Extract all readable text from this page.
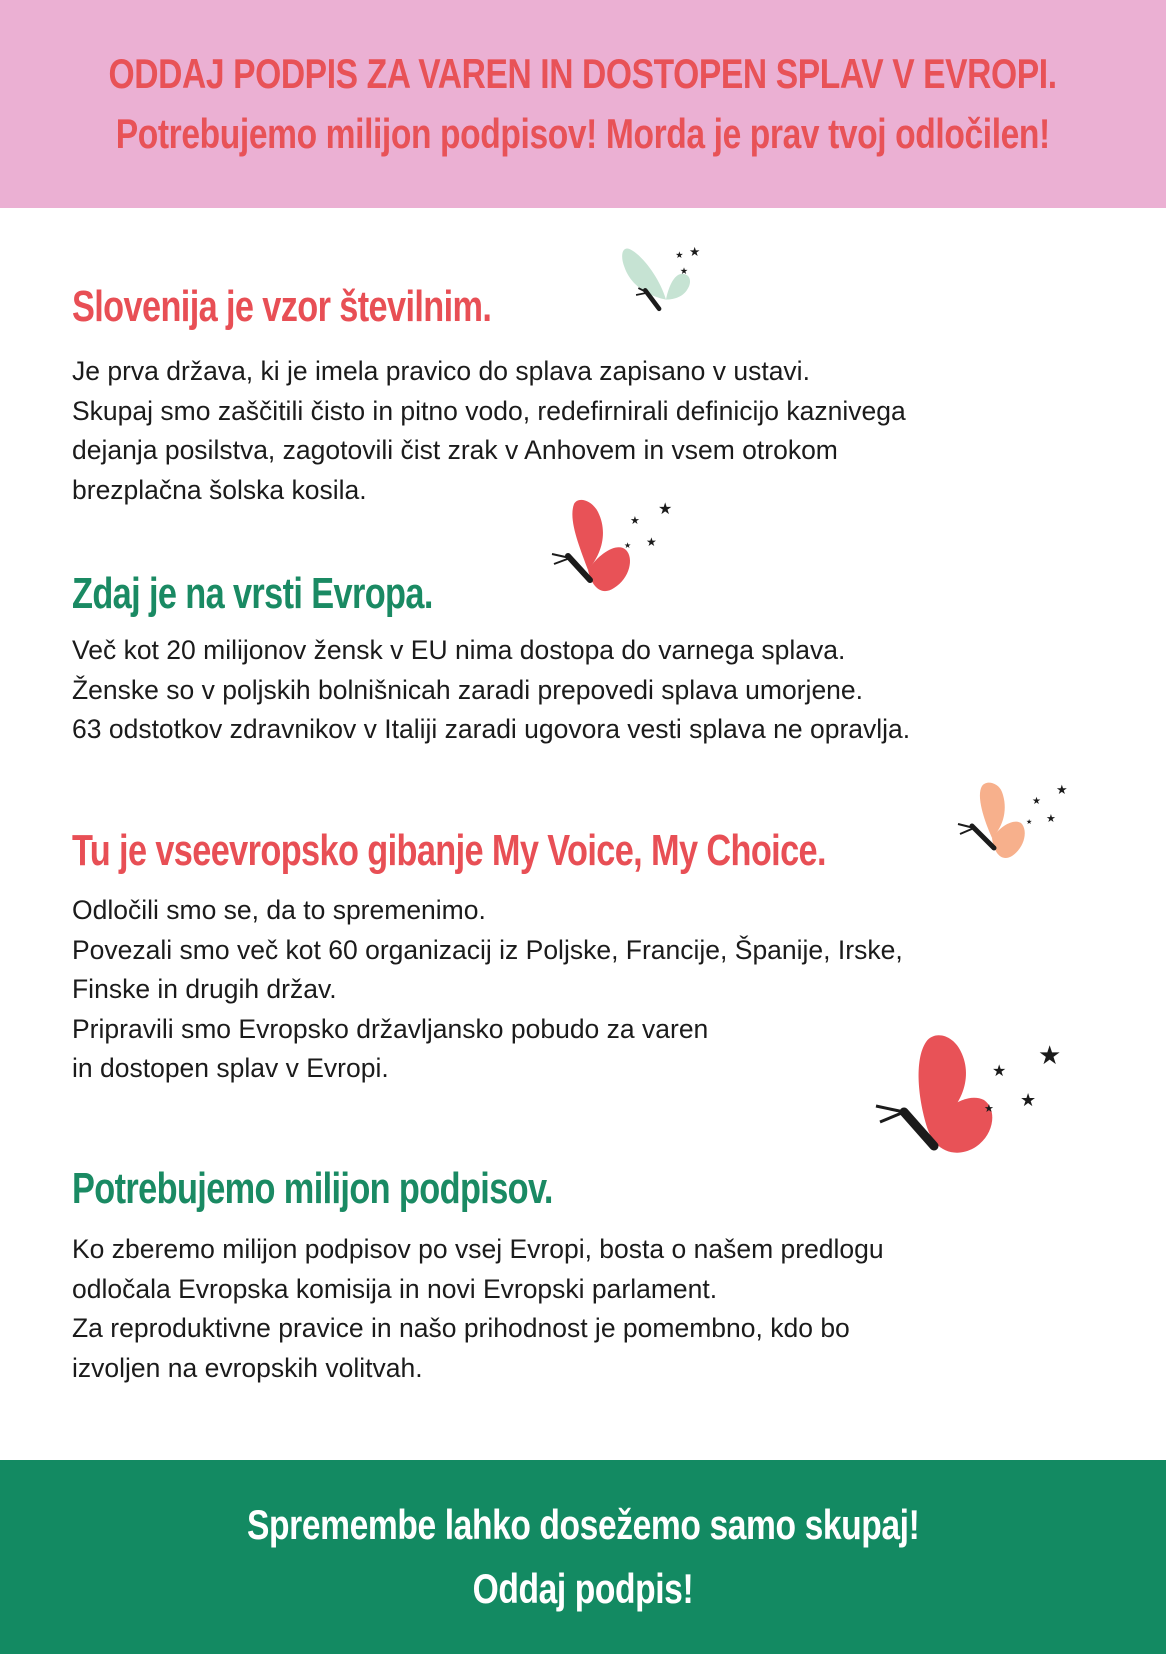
ODDAJ PODPIS ZA VAREN IN DOSTOPEN SPLAV V EVROPI.
Potrebujemo milijon podpisov! Morda je prav tvoj odločilen!
Slovenija je vzor številnim.

Je prva država, ki je imela pravico do splava zapisano v ustavi.

Skupaj smo zaščitili čisto in pitno vodo, redefirnirali definicijo kaznivega

dejanja posilstva, zagotovili čist zrak v Anhovem in vsem otrokom

brezplačna šolska kosila.

Zdaj je na vrsti Evropa.

Več kot 20 milijonov žensk v EU nima dostopa do varnega splava.

Ženske so v poljskih bolnišnicah zaradi prepovedi splava umorjene.

63 odstotkov zdravnikov v Italiji zaradi ugovora vesti splava ne opravlja.

Tu je vseevropsko gibanje My Voice, My Choice.

Odločili smo se, da to spremenimo.

Povezali smo več kot 60 organizacij iz Poljske, Francije, Španije, Irske,

Finske in drugih držav.

Pripravili smo Evropsko državljansko pobudo za varen

in dostopen splav v Evropi.

Potrebujemo milijon podpisov.

Ko zberemo milijon podpisov po vsej Evropi, bosta o našem predlogu

odločala Evropska komisija in novi Evropski parlament.

Za reproduktivne pravice in našo prihodnost je pomembno, kdo bo

izvoljen na evropskih volitvah.

★
★
★
★
★
★
★
★
★
★
★
★
★
★
★
Spremembe lahko dosežemo samo skupaj!
Oddaj podpis!
